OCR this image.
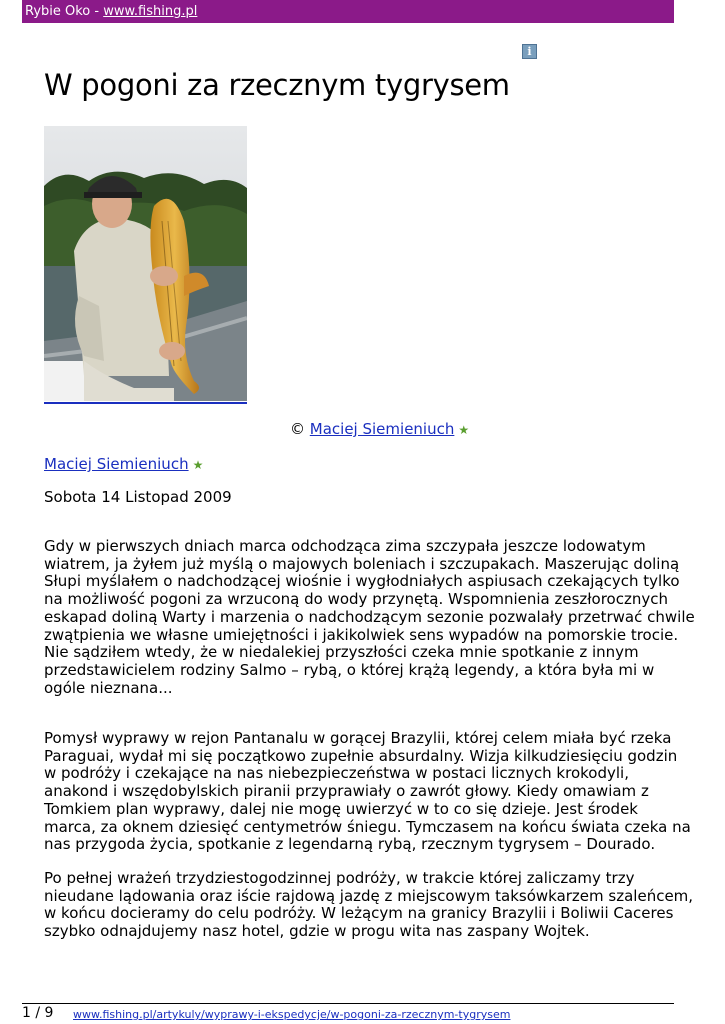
Rybie Oko - www.fishing.pl
i
W pogoni za rzecznym tygrysem
© Maciej Siemieniuch ★
Maciej Siemieniuch ★
Sobota 14 Listopad 2009

Gdy w pierwszych dniach marca odchodząca zima szczypała jeszcze lodowatym
wiatrem, ja żyłem już myślą o majowych boleniach i szczupakach. Maszerując doliną
Słupi myślałem o nadchodzącej wiośnie i wygłodniałych aspiusach czekających tylko
na możliwość pogoni za wrzuconą do wody przynętą. Wspomnienia zeszłorocznych
eskapad doliną Warty i marzenia o nadchodzącym sezonie pozwalały przetrwać chwile
zwątpienia we własne umiejętności i jakikolwiek sens wypadów na pomorskie trocie.
Nie sądziłem wtedy, że w niedalekiej przyszłości czeka mnie spotkanie z innym
przedstawicielem rodziny Salmo – rybą, o której krążą legendy, a która była mi w
ogóle nieznana...

Pomysł wyprawy w rejon Pantanalu w gorącej Brazylii, której celem miała być rzeka
Paraguai, wydał mi się początkowo zupełnie absurdalny. Wizja kilkudziesięciu godzin
w podróży i czekające na nas niebezpieczeństwa w postaci licznych krokodyli,
anakond i wszędobylskich piranii przyprawiały o zawrót głowy. Kiedy omawiam z
Tomkiem plan wyprawy, dalej nie mogę uwierzyć w to co się dzieje. Jest środek
marca, za oknem dziesięć centymetrów śniegu. Tymczasem na końcu świata czeka na
nas przygoda życia, spotkanie z legendarną rybą, rzecznym tygrysem – Dourado.

Po pełnej wrażeń trzydziestogodzinnej podróży, w trakcie której zaliczamy trzy
nieudane lądowania oraz iście rajdową jazdę z miejscowym taksówkarzem szaleńcem,
w końcu docieramy do celu podróży. W leżącym na granicy Brazylii i Boliwii Caceres
szybko odnajdujemy nasz hotel, gdzie w progu wita nas zaspany Wojtek.

1 / 9 www.fishing.pl/artykuly/wyprawy-i-ekspedycje/w-pogoni-za-rzecznym-tygrysem
